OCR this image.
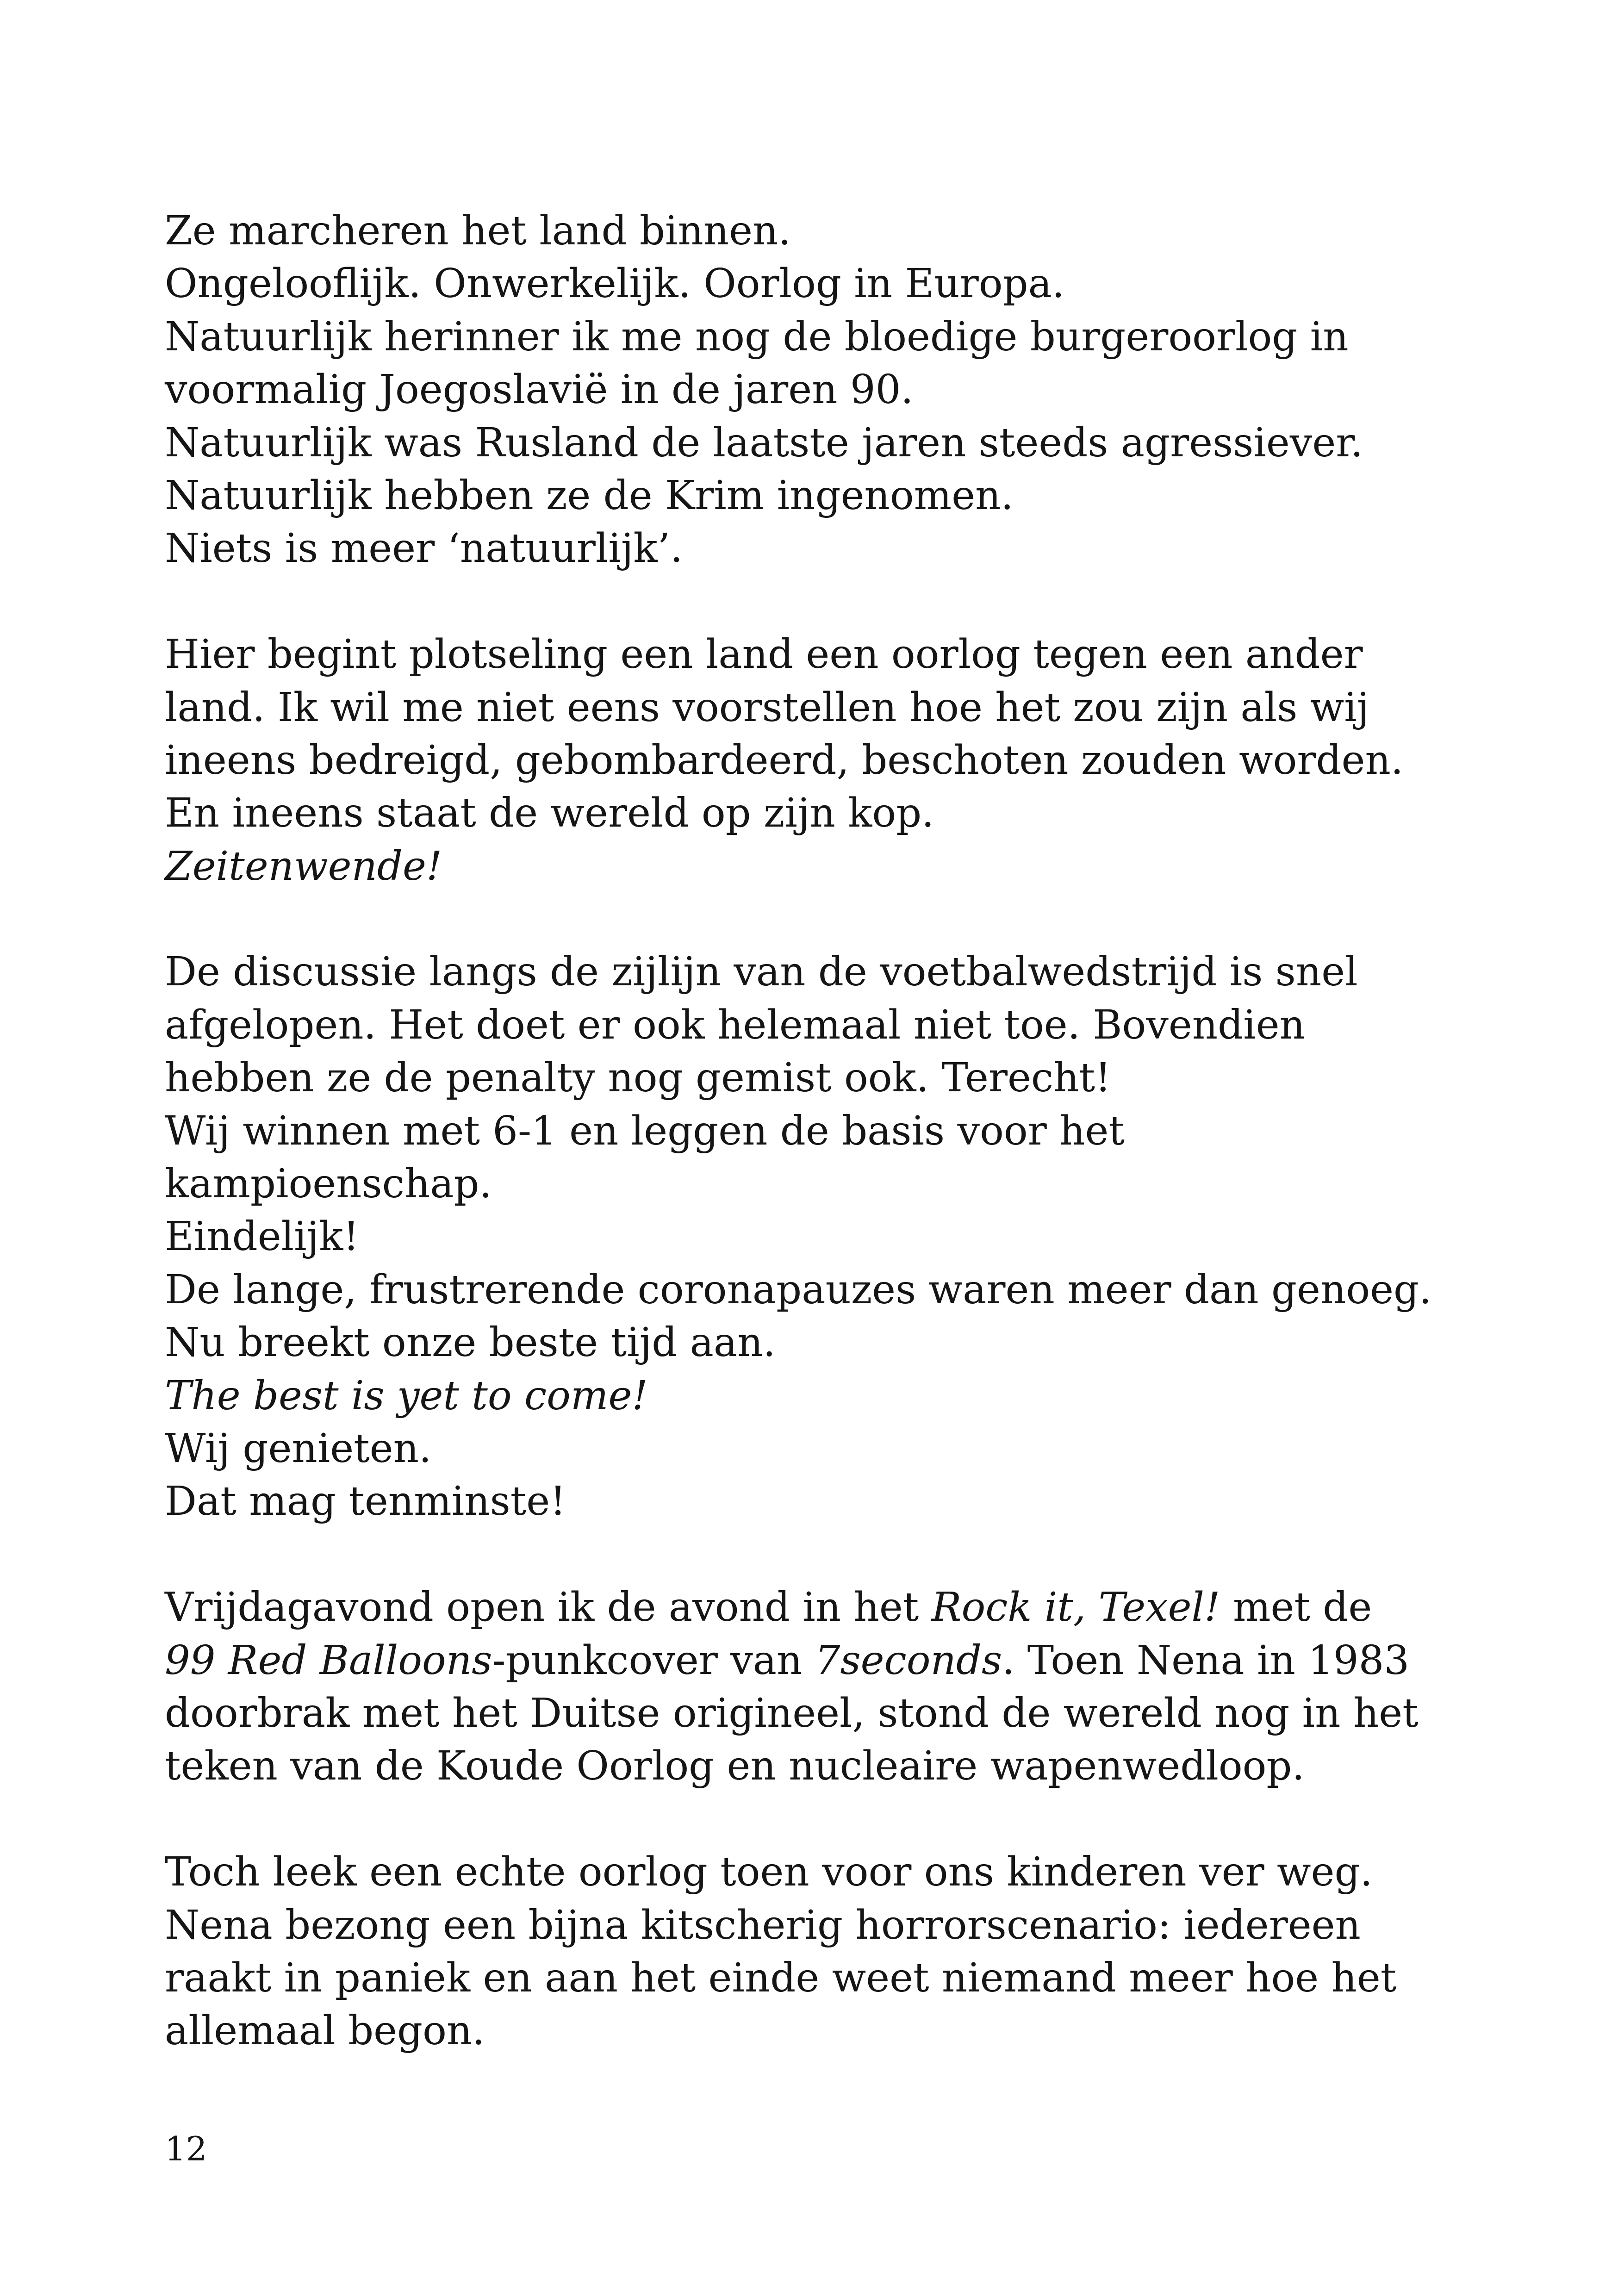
Ze marcheren het land binnen.
Ongelooflijk. Onwerkelijk. Oorlog in Europa.
Natuurlijk herinner ik me nog de bloedige burgeroorlog in
voormalig Joegoslavië in de jaren 90.
Natuurlijk was Rusland de laatste jaren steeds agressiever.
Natuurlijk hebben ze de Krim ingenomen.
Niets is meer ‘natuurlijk’.
Hier begint plotseling een land een oorlog tegen een ander
land. Ik wil me niet eens voorstellen hoe het zou zijn als wij
ineens bedreigd, gebombardeerd, beschoten zouden worden.
En ineens staat de wereld op zijn kop.
Zeitenwende!
De discussie langs de zijlijn van de voetbalwedstrijd is snel
afgelopen. Het doet er ook helemaal niet toe. Bovendien
hebben ze de penalty nog gemist ook. Terecht!
Wij winnen met 6-1 en leggen de basis voor het
kampioenschap.
Eindelijk!
De lange, frustrerende coronapauzes waren meer dan genoeg.
Nu breekt onze beste tijd aan.
The best is yet to come!
Wij genieten.
Dat mag tenminste!
Vrijdagavond open ik de avond in het Rock it, Texel! met de
99 Red Balloons-punkcover van 7seconds. Toen Nena in 1983
doorbrak met het Duitse origineel, stond de wereld nog in het
teken van de Koude Oorlog en nucleaire wapenwedloop.
Toch leek een echte oorlog toen voor ons kinderen ver weg.
Nena bezong een bijna kitscherig horrorscenario: iedereen
raakt in paniek en aan het einde weet niemand meer hoe het
allemaal begon.
12
